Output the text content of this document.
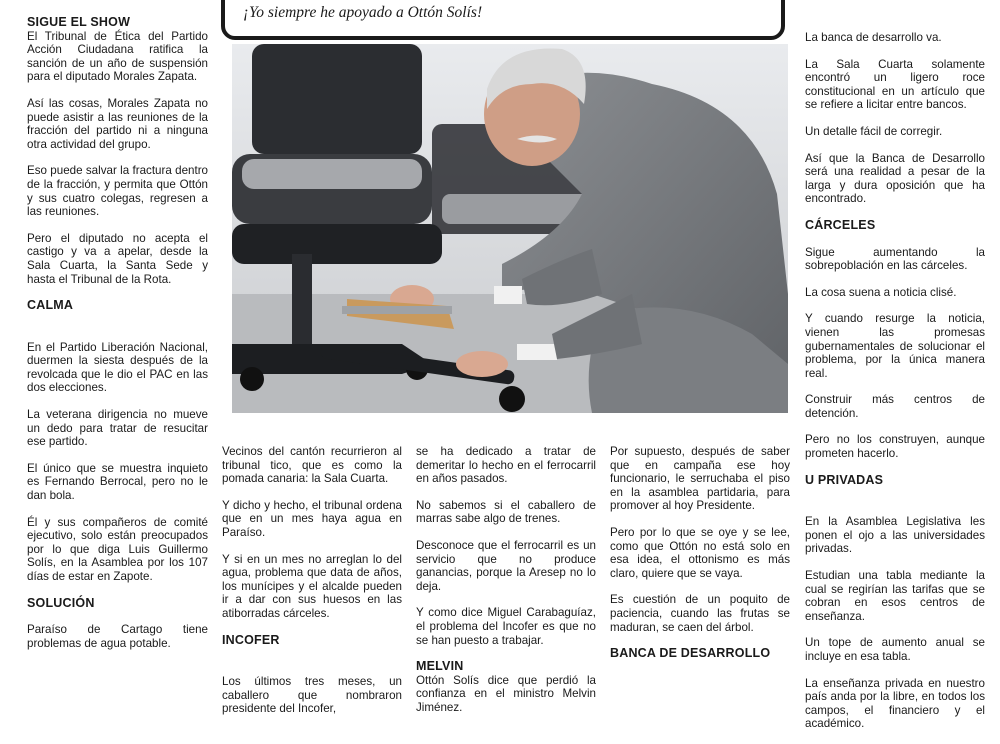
¡Yo siempre he apoyado a Ottón Solís!
SIGUE EL SHOW

El Tribunal de Ética del Partido Acción Ciudadana ratifica la sanción de un año de suspensión para el diputado Morales Zapata.

Así las cosas, Morales Zapata no puede asistir a las reuniones de la fracción del partido ni a ninguna otra actividad del grupo.

Eso puede salvar la fractura dentro de la fracción, y permita que Ottón y sus cuatro colegas, regresen a las reuniones.

Pero el diputado no acepta el castigo y va a apelar, desde la Sala Cuarta, la Santa Sede y hasta el Tribunal de la Rota.

CALMA

En el Partido Liberación Nacional, duermen la siesta después de la revolcada que le dio el PAC en las dos elecciones.

La veterana dirigencia no mueve un dedo para tratar de resucitar ese partido.

El único que se muestra inquieto es Fernando Berrocal, pero no le dan bola.

Él y sus compañeros de comité ejecutivo, solo están preocupados por lo que diga Luis Guillermo Solís, en la Asamblea por los 107 días de estar en Zapote.

SOLUCIÓN

Paraíso de Cartago tiene problemas de agua potable.

Vecinos del cantón recurrieron al tribunal tico, que es como la pomada canaria: la Sala Cuarta.

Y dicho y hecho, el tribunal ordena que en un mes haya agua en Paraíso.

Y si en un mes no arreglan lo del agua, problema que data de años, los munícipes y el alcalde pueden ir a dar con sus huesos en las atiborradas cárceles.

INCOFER

Los últimos tres meses, un caballero que nombraron presidente del Incofer,

se ha dedicado a tratar de demeritar lo hecho en el ferrocarril en años pasados.

No sabemos si el caballero de marras sabe algo de trenes.

Desconoce que el ferrocarril es un servicio que no produce ganancias, porque la Aresep no lo deja.

Y como dice Miguel Carabaguíaz, el problema del Incofer es que no se han puesto a trabajar.

MELVIN

Ottón Solís dice que perdió la confianza en el ministro Melvin Jiménez.

Por supuesto, después de saber que en campaña ese hoy funcionario, le serruchaba el piso en la asamblea partidaria, para promover al hoy Presidente.

Pero por lo que se oye y se lee, como que Ottón no está solo en esa idea, el ottonismo es más claro, quiere que se vaya.

Es cuestión de un poquito de paciencia, cuando las frutas se maduran, se caen del árbol.

BANCA DE DESARROLLO

La banca de desarrollo va.

La Sala Cuarta solamente encontró un ligero roce constitucional en un artículo que se refiere a licitar entre bancos.

Un detalle fácil de corregir.

Así que la Banca de Desarrollo será una realidad a pesar de la larga y dura oposición que ha encontrado.

CÁRCELES

Sigue aumentando la sobrepoblación en las cárceles.

La cosa suena a noticia clisé.

Y cuando resurge la noticia, vienen las promesas gubernamentales de solucionar el problema, por la única manera real.

Construir más centros de detención.

Pero no los construyen, aunque prometen hacerlo.

U PRIVADAS

En la Asamblea Legislativa les ponen el ojo a las universidades privadas.

Estudian una tabla mediante la cual se regirían las tarifas que se cobran en esos centros de enseñanza.

Un tope de aumento anual se incluye en esa tabla.

La enseñanza privada en nuestro país anda por la libre, en todos los campos, el financiero y el académico.
